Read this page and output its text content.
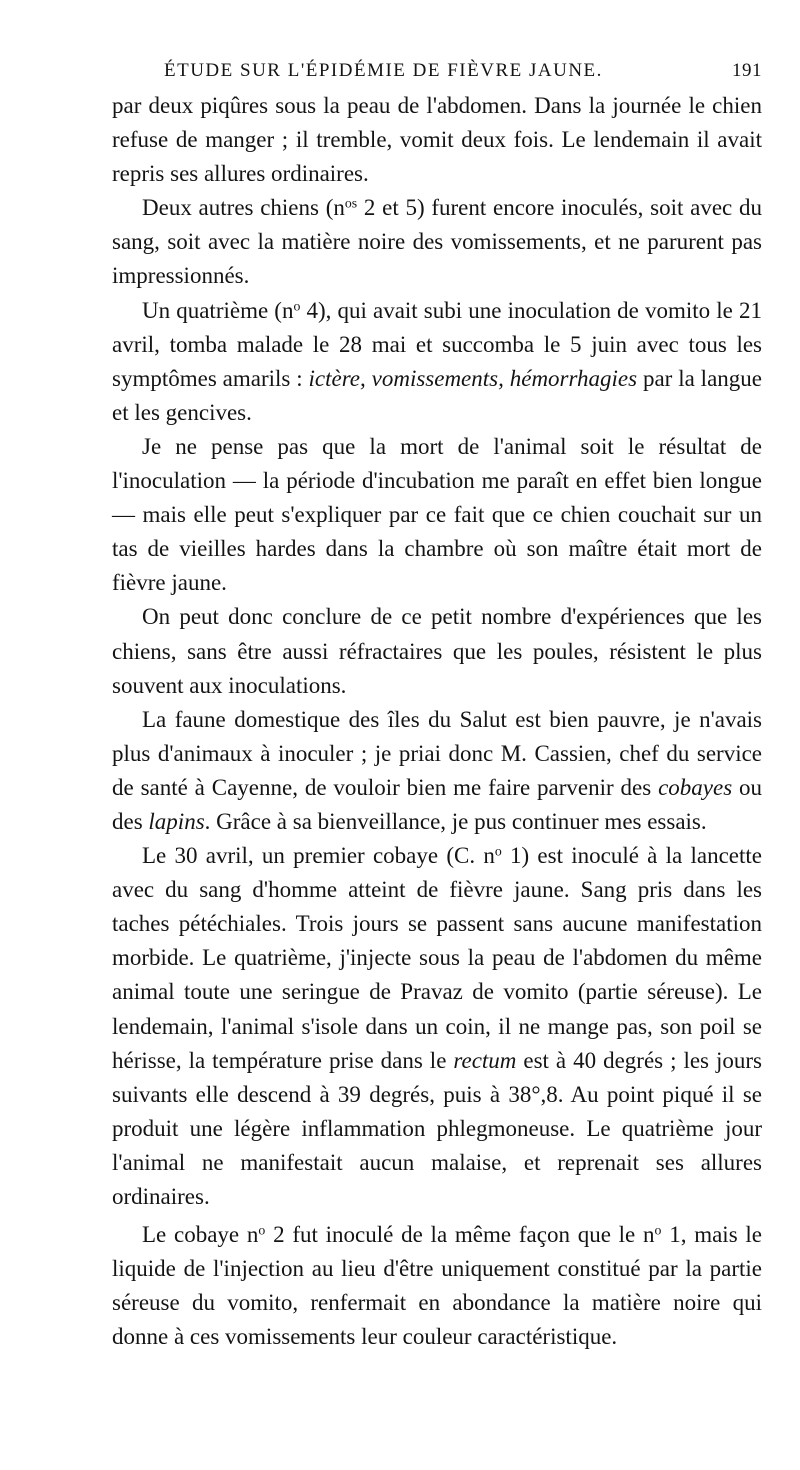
ÉTUDE SUR L'ÉPIDÉMIE DE FIÈVRE JAUNE.	191

par deux piqûres sous la peau de l'abdomen. Dans la journée le chien refuse de manger ; il tremble, vomit deux fois. Le lendemain il avait repris ses allures ordinaires.

Deux autres chiens ($n^{os}$ 2 et 5) furent encore inoculés, soit avec du sang, soit avec la matière noire des vomissements, et ne parurent pas impressionnés.

Un quatrième ($n^o$ 4), qui avait subi une inoculation de vomito le 21 avril, tomba malade le 28 mai et succomba le 5 juin avec tous les symptômes amarils : ictère, vomissements, hémorrhagies par la langue et les gencives.

Je ne pense pas que la mort de l'animal soit le résultat de l'inoculation — la période d'incubation me paraît en effet bien longue — mais elle peut s'expliquer par ce fait que ce chien couchait sur un tas de vieilles hardes dans la chambre où son maître était mort de fièvre jaune.

On peut donc conclure de ce petit nombre d'expériences que les chiens, sans être aussi réfractaires que les poules, résistent le plus souvent aux inoculations.

La faune domestique des îles du Salut est bien pauvre, je n'avais plus d'animaux à inoculer ; je priai donc M. Cassien, chef du service de santé à Cayenne, de vouloir bien me faire parvenir des cobayes ou des lapins. Grâce à sa bienveillance, je pus continuer mes essais.

Le 30 avril, un premier cobaye (C. $n^o$ 1) est inoculé à la lancette avec du sang d'homme atteint de fièvre jaune. Sang pris dans les taches pétéchiales. Trois jours se passent sans aucune manifestation morbide. Le quatrième, j'injecte sous la peau de l'abdomen du même animal toute une seringue de Pravaz de vomito (partie séreuse). Le lendemain, l'animal s'isole dans un coin, il ne mange pas, son poil se hérisse, la température prise dans le rectum est à 40 degrés ; les jours suivants elle descend à 39 degrés, puis à 38°,8. Au point piqué il se produit une légère inflammation phlegmoneuse. Le quatrième jour l'animal ne manifestait aucun malaise, et reprenait ses allures ordinaires.

Le cobaye $n^o$ 2 fut inoculé de la même façon que le $n^o$ 1, mais le liquide de l'injection au lieu d'être uniquement constitué par la partie séreuse du vomito, renfermait en abondance la matière noire qui donne à ces vomissements leur couleur caractéristique.
